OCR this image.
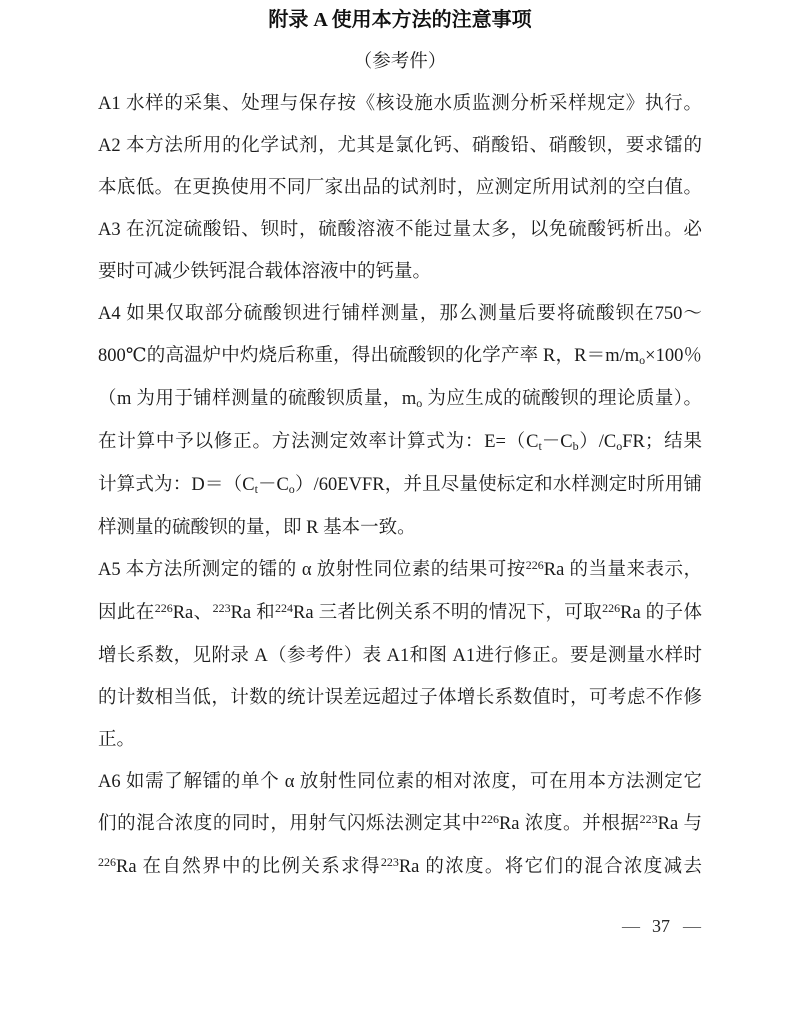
附录 A 使用本方法的注意事项
（参考件）
A1 水样的采集、处理与保存按《核设施水质监测分析采样规定》执行。
A2 本方法所用的化学试剂，尤其是氯化钙、硝酸铅、硝酸钡，要求镭的
本底低。在更换使用不同厂家出品的试剂时，应测定所用试剂的空白值。
A3 在沉淀硫酸铅、钡时，硫酸溶液不能过量太多，以免硫酸钙析出。必
要时可减少铁钙混合载体溶液中的钙量。
A4 如果仅取部分硫酸钡进行铺样测量，那么测量后要将硫酸钡在750～
800℃的高温炉中灼烧后称重，得出硫酸钡的化学产率 R，R＝m/mo×100％
（m 为用于铺样测量的硫酸钡质量，mo 为应生成的硫酸钡的理论质量）。
在计算中予以修正。方法测定效率计算式为：E=（Ct－Cb）/CoFR；结果
计算式为：D＝（Ct－Co）/60EVFR，并且尽量使标定和水样测定时所用铺
样测量的硫酸钡的量，即 R 基本一致。
A5 本方法所测定的镭的 α 放射性同位素的结果可按$^{226}$Ra 的当量来表示，
因此在$^{226}$Ra、$^{223}$Ra 和$^{224}$Ra 三者比例关系不明的情况下，可取$^{226}$Ra 的子体
增长系数，见附录 A（参考件）表 A1和图 A1进行修正。要是测量水样时
的计数相当低，计数的统计误差远超过子体增长系数值时，可考虑不作修
正。
A6 如需了解镭的单个 α 放射性同位素的相对浓度，可在用本方法测定它
们的混合浓度的同时，用射气闪烁法测定其中$^{226}$Ra 浓度。并根据$^{223}$Ra 与
$^{226}$Ra 在自然界中的比例关系求得$^{223}$Ra 的浓度。将它们的混合浓度减去
— 37 —
